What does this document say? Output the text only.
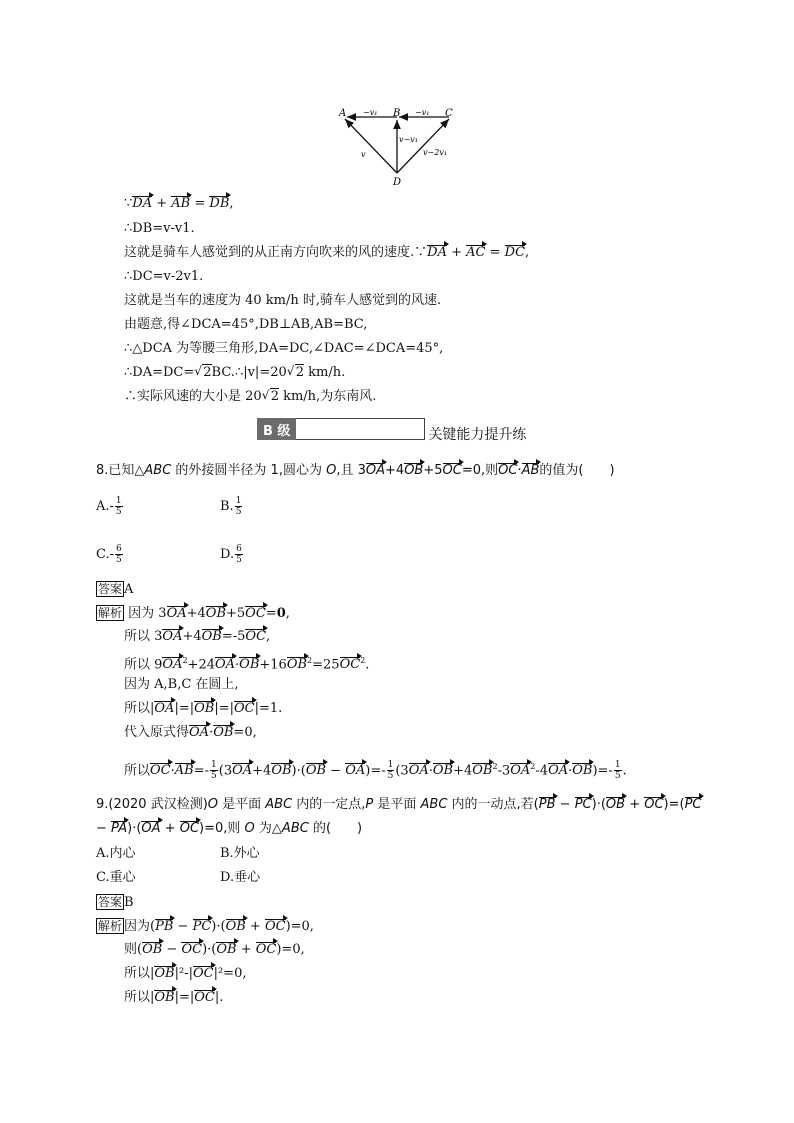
A	B	C
D
−v₁	−v₁
v
v−v₁
v−2v₁
∵DA + AB = DB,
∴DB=v-v1.
这就是骑车人感觉到的从正南方向吹来的风的速度.∵DA + AC = DC,
∴DC=v-2v1.
这就是当车的速度为 40 km/h 时,骑车人感觉到的风速.
由题意,得∠DCA=45°,DB⊥AB,AB=BC,
∴△DCA 为等腰三角形,DA=DC,∠DAC=∠DCA=45°,
∴DA=DC= √ 2BC.∴|v|=20 √ 2 km/h.
∴实际风速的大小是 20 √ 2 km/h,为东南风.
B 级	关键能力提升练
8.已知△ABC 的外接圆半径为 1,圆心为 O,且 3OA+4OB+5OC=0,则OC·AB的值为(　　)
$A.- \frac{1}{5}$	B. $\frac{1}{5}$
$C.- \frac{6}{5}$	D. $\frac{6}{5}$
答案 A
解析 因为 3OA+4OB+5OC=0,
所以 3OA+4OB=-5OC,
所以 $9OA^2+24OA\cdot OB+16OB^2=25OC^2$.
因为 A,B,C 在圆上,
所以|OA|=|OB|=|OC|=1.
代入原式得OA·OB=0,
所以$OC\cdot AB=- \frac{1}{5} (3OA+4OB)\cdot(OB - OA)=- \frac{1}{5} (3OA\cdot OB+4OB^2-3OA^2-4OA\cdot OB)=- \frac{1}{5}$ .
9.(2020 武汉检测)O 是平面 ABC 内的一定点,P 是平面 ABC 内的一动点,若(PB − PC)·(OB + OC)=(PC
− PA)·(OA + OC)=0,则 O 为△ABC 的(　　)
A.内心	B.外心
C.重心	D.垂心
答案 B
解析 因为(PB − PC)·(OB + OC)=0,
则(OB − OC)·(OB + OC)=0,
所以|OB|²-|OC|²=0,
所以|OB|=|OC|.
